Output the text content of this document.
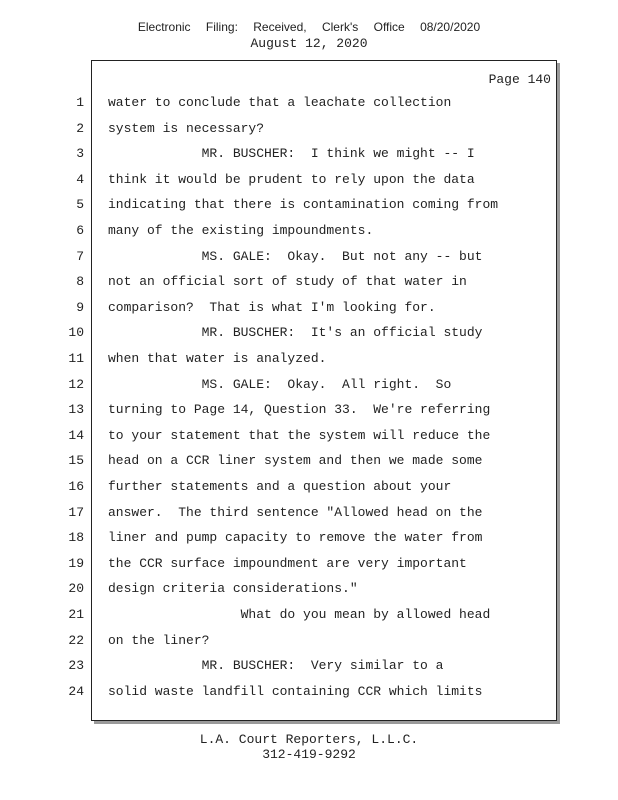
Electronic Filing: Received, Clerk's Office 08/20/2020
August 12, 2020
Page 140
1 water to conclude that a leachate collection
2 system is necessary?
3 MR. BUSCHER:  I think we might -- I
4 think it would be prudent to rely upon the data
5 indicating that there is contamination coming from
6 many of the existing impoundments.
7 MS. GALE:  Okay.  But not any -- but
8 not an official sort of study of that water in
9 comparison?  That is what I'm looking for.
10 MR. BUSCHER:  It's an official study
11 when that water is analyzed.
12 MS. GALE:  Okay.  All right.  So
13 turning to Page 14, Question 33.  We're referring
14 to your statement that the system will reduce the
15 head on a CCR liner system and then we made some
16 further statements and a question about your
17 answer.  The third sentence "Allowed head on the
18 liner and pump capacity to remove the water from
19 the CCR surface impoundment are very important
20 design criteria considerations."
21 What do you mean by allowed head
22 on the liner?
23 MR. BUSCHER:  Very similar to a
24 solid waste landfill containing CCR which limits
L.A. Court Reporters, L.L.C.
312-419-9292
